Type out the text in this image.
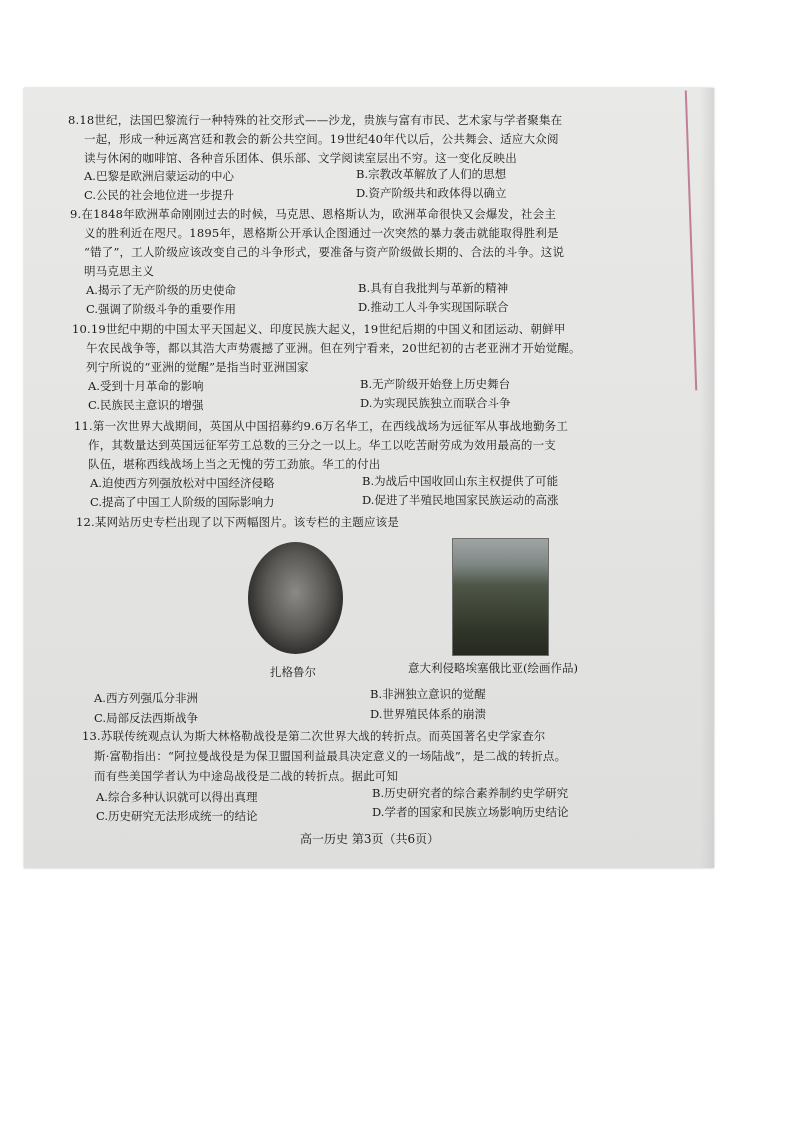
8.18世纪，法国巴黎流行一种特殊的社交形式——沙龙，贵族与富有市民、艺术家与学者聚集在
一起，形成一种远离宫廷和教会的新公共空间。19世纪40年代以后，公共舞会、适应大众阅
读与休闲的咖啡馆、各种音乐团体、俱乐部、文学阅读室层出不穷。这一变化反映出
A.巴黎是欧洲启蒙运动的中心	B.宗教改革解放了人们的思想
C.公民的社会地位进一步提升	D.资产阶级共和政体得以确立
9.在1848年欧洲革命刚刚过去的时候，马克思、恩格斯认为，欧洲革命很快又会爆发，社会主
义的胜利近在咫尺。1895年，恩格斯公开承认企图通过一次突然的暴力袭击就能取得胜利是
“错了”，工人阶级应该改变自己的斗争形式，要准备与资产阶级做长期的、合法的斗争。这说
明马克思主义
A.揭示了无产阶级的历史使命	B.具有自我批判与革新的精神
C.强调了阶级斗争的重要作用	D.推动工人斗争实现国际联合
10.19世纪中期的中国太平天国起义、印度民族大起义，19世纪后期的中国义和团运动、朝鲜甲
午农民战争等，都以其浩大声势震撼了亚洲。但在列宁看来，20世纪初的古老亚洲才开始觉醒。
列宁所说的“亚洲的觉醒”是指当时亚洲国家
A.受到十月革命的影响	B.无产阶级开始登上历史舞台
C.民族民主意识的增强	D.为实现民族独立而联合斗争
11.第一次世界大战期间，英国从中国招募约9.6万名华工，在西线战场为远征军从事战地勤务工
作，其数量达到英国远征军劳工总数的三分之一以上。华工以吃苦耐劳成为效用最高的一支
队伍，堪称西线战场上当之无愧的劳工劲旅。华工的付出
A.迫使西方列强放松对中国经济侵略	B.为战后中国收回山东主权提供了可能
C.提高了中国工人阶级的国际影响力	D.促进了半殖民地国家民族运动的高涨
12.某网站历史专栏出现了以下两幅图片。该专栏的主题应该是
扎格鲁尔	意大利侵略埃塞俄比亚(绘画作品)
A.西方列强瓜分非洲	B.非洲独立意识的觉醒
C.局部反法西斯战争	D.世界殖民体系的崩溃
13.苏联传统观点认为斯大林格勒战役是第二次世界大战的转折点。而英国著名史学家查尔
斯·富勒指出：“阿拉曼战役是为保卫盟国利益最具决定意义的一场陆战”，是二战的转折点。
而有些美国学者认为中途岛战役是二战的转折点。据此可知
A.综合多种认识就可以得出真理	B.历史研究者的综合素养制约史学研究
C.历史研究无法形成统一的结论	D.学者的国家和民族立场影响历史结论
高一历史 第3页（共6页）
